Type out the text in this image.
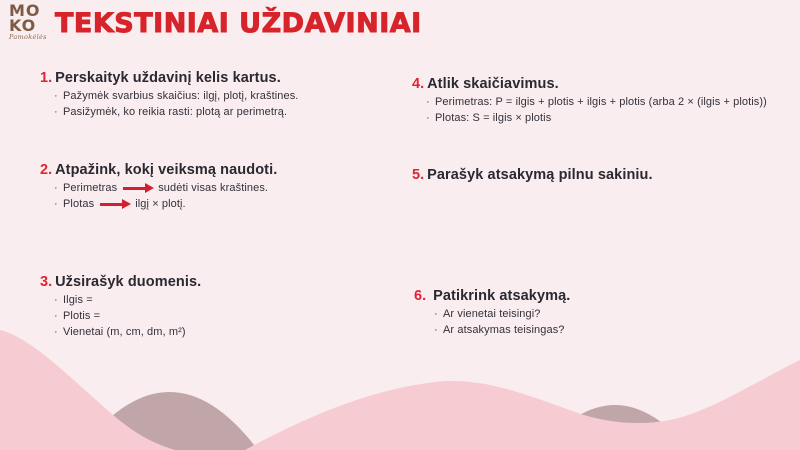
MO
KO
Pamokėlės TEKSTINIAI UŽDAVINIAI
1. Perskaityk uždavinį kelis kartus.
· Pažymėk svarbius skaičius: ilgį, plotį, kraštines.
· Pasižymėk, ko reikia rasti: plotą ar perimetrą.
2. Atpažink, kokį veiksmą naudoti.
· Perimetras	sudėti visas kraštines.
· Plotas	ilgį × plotį.
3. Užsirašyk duomenis.
· Ilgis =
· Plotis =
· Vienetai (m, cm, dm, m²)
4. Atlik skaičiavimus.
· Perimetras: P = ilgis + plotis + ilgis + plotis (arba 2 × (ilgis + plotis))
· Plotas: S = ilgis × plotis
5. Parašyk atsakymą pilnu sakiniu.
6. Patikrink atsakymą.
· Ar vienetai teisingi?
· Ar atsakymas teisingas?
